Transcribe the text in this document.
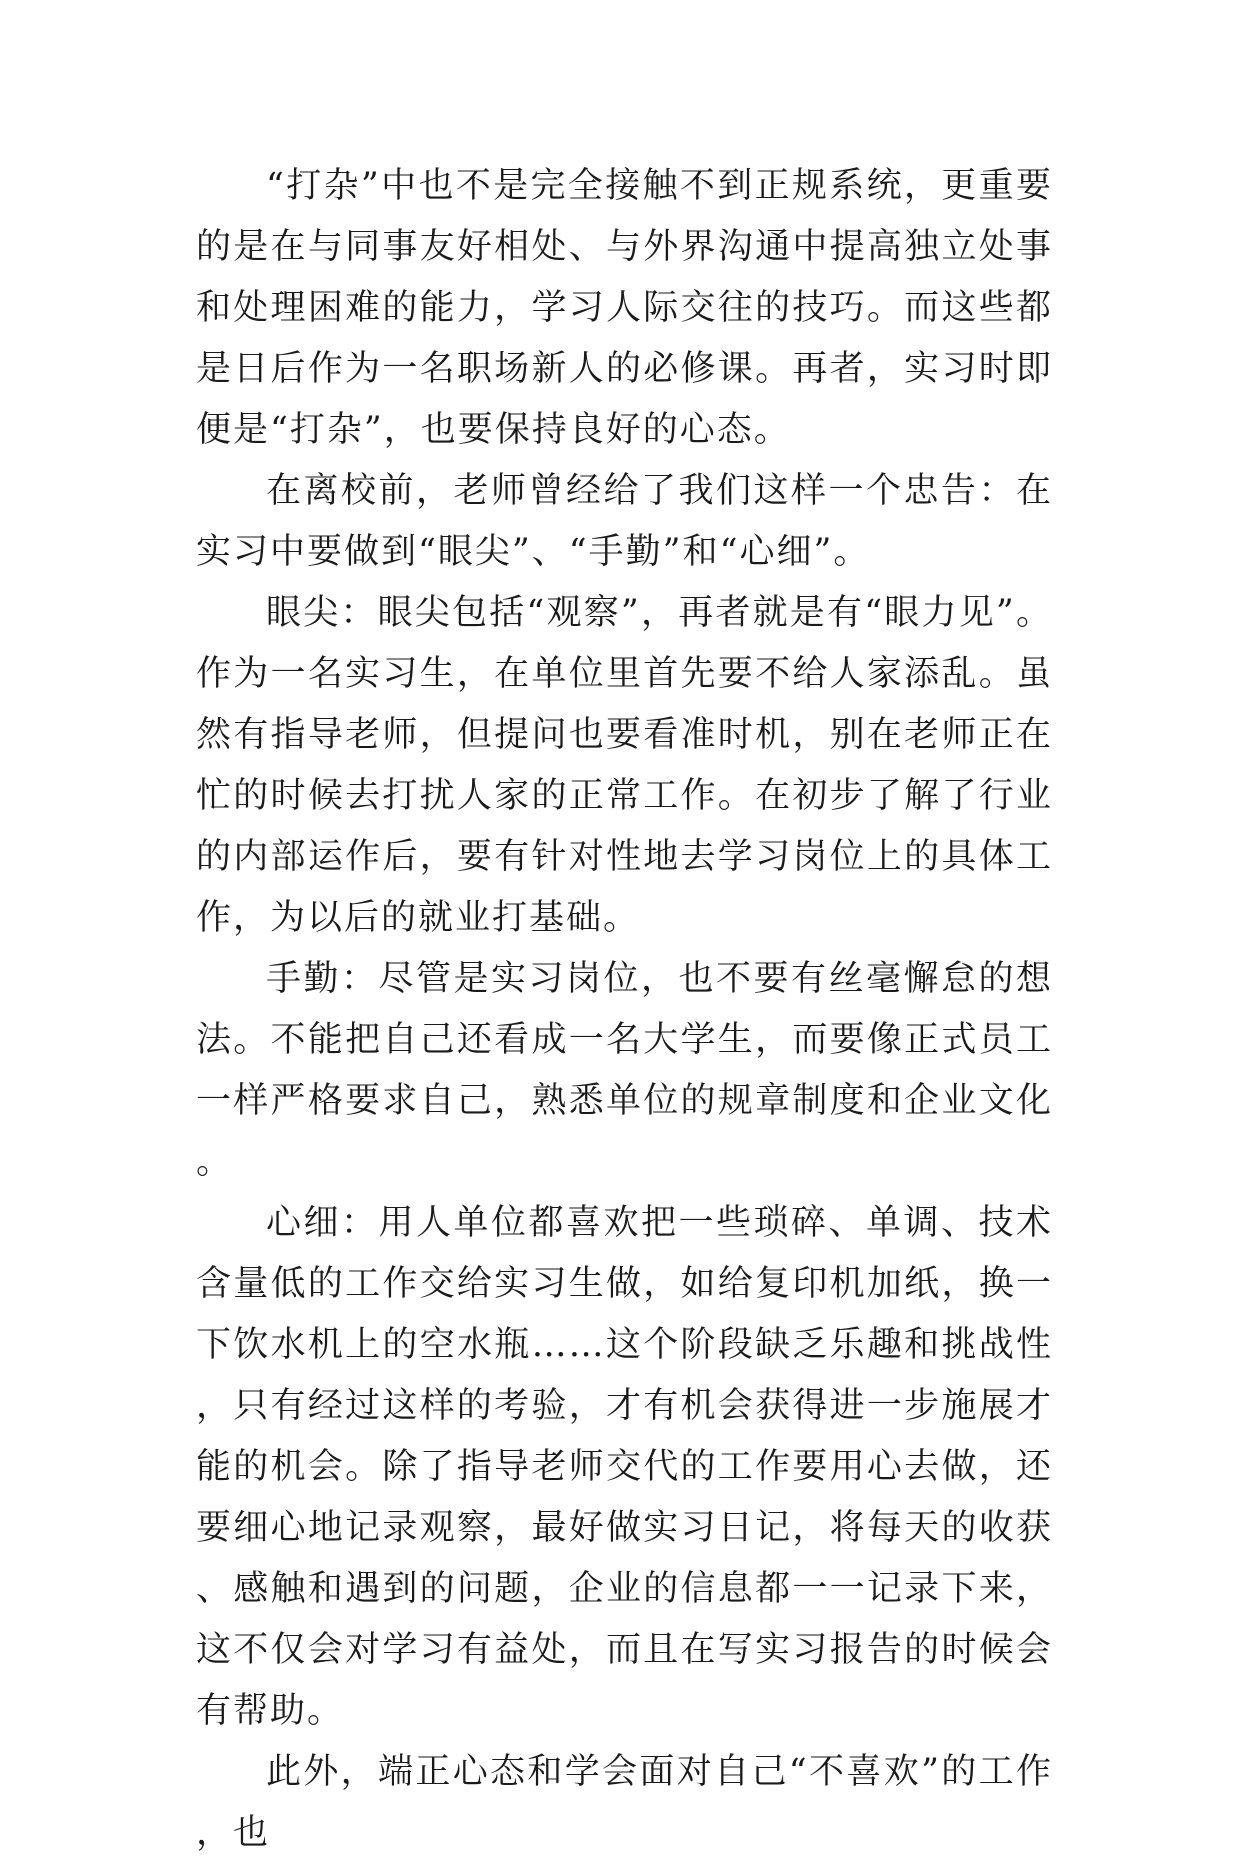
“打杂”中也不是完全接触不到正规系统，更重要的是在与同事友好相处、与外界沟通中提高独立处事和处理困难的能力，学习人际交往的技巧。而这些都是日后作为一名职场新人的必修课。再者，实习时即便是“打杂”，也要保持良好的心态。

在离校前，老师曾经给了我们这样一个忠告：在实习中要做到“眼尖”、“手勤”和“心细”。

眼尖：眼尖包括“观察”，再者就是有“眼力见”。作为一名实习生，在单位里首先要不给人家添乱。虽然有指导老师，但提问也要看准时机，别在老师正在忙的时候去打扰人家的正常工作。在初步了解了行业的内部运作后，要有针对性地去学习岗位上的具体工作，为以后的就业打基础。

手勤：尽管是实习岗位，也不要有丝毫懈怠的想法。不能把自己还看成一名大学生，而要像正式员工一样严格要求自己，熟悉单位的规章制度和企业文化。

心细：用人单位都喜欢把一些琐碎、单调、技术含量低的工作交给实习生做，如给复印机加纸，换一下饮水机上的空水瓶……这个阶段缺乏乐趣和挑战性，只有经过这样的考验，才有机会获得进一步施展才能的机会。除了指导老师交代的工作要用心去做，还要细心地记录观察，最好做实习日记，将每天的收获、感触和遇到的问题，企业的信息都一一记录下来，这不仅会对学习有益处，而且在写实习报告的时候会有帮助。

此外，端正心态和学会面对自己“不喜欢”的工作，也
